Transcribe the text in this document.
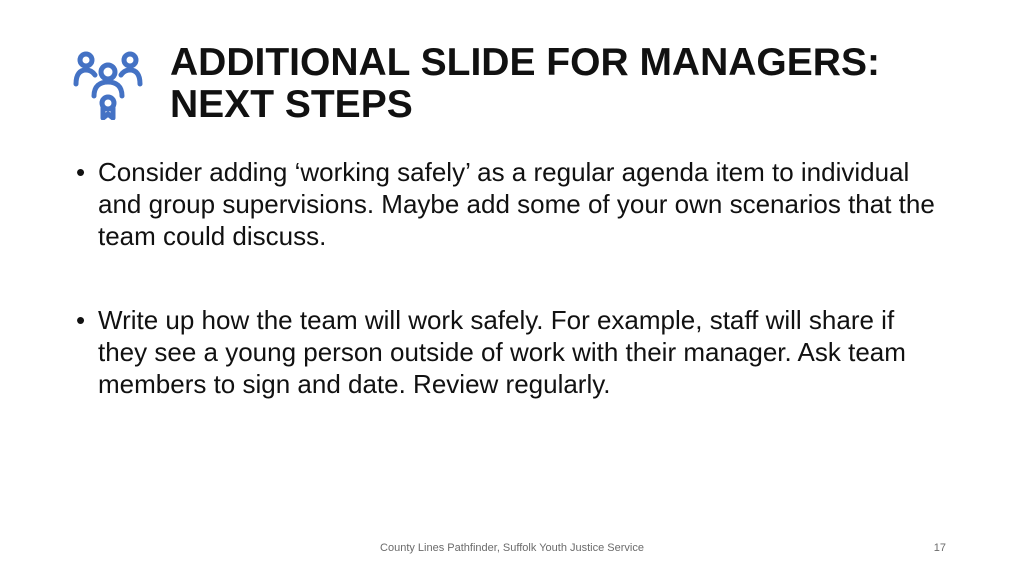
ADDITIONAL SLIDE FOR MANAGERS:
NEXT STEPS
• Consider adding ‘working safely’ as a regular agenda item to individual and group supervisions. Maybe add some of your own scenarios that the team could discuss.
• Write up how the team will work safely. For example, staff will share if they see a young person outside of work with their manager. Ask team members to sign and date. Review regularly.
County Lines Pathfinder, Suffolk Youth Justice Service	17
